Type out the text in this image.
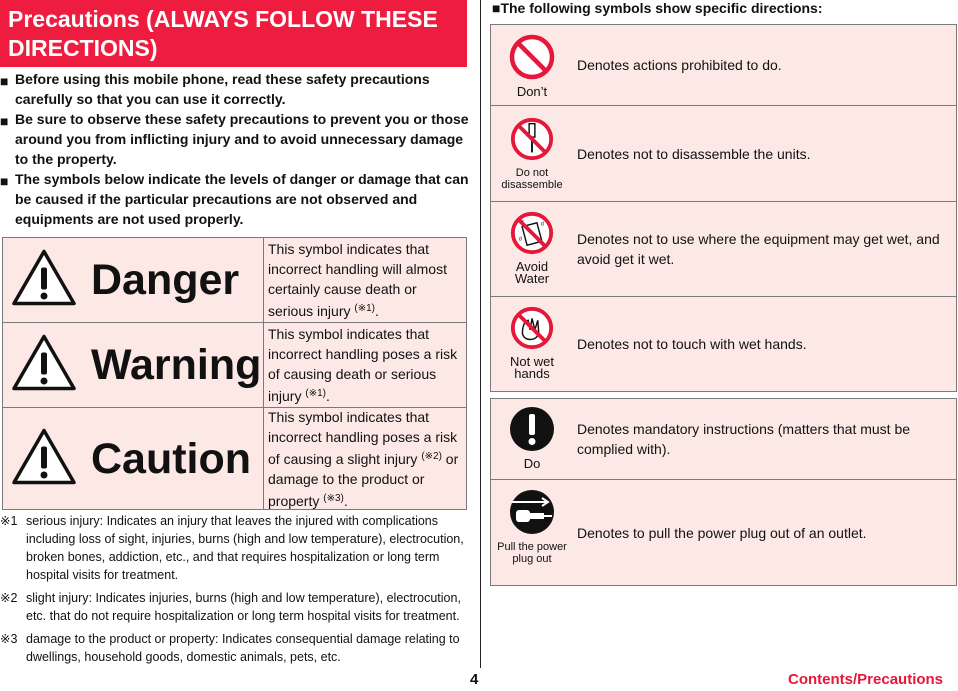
Precautions (ALWAYS FOLLOW THESE DIRECTIONS)
■ Before using this mobile phone, read these safety precautions carefully so that you can use it correctly.
■ Be sure to observe these safety precautions to prevent you or those around you from inflicting injury and to avoid unnecessary damage to the property.
■ The symbols below indicate the levels of danger or damage that can be caused if the particular precautions are not observed and equipments are not used properly.
Danger
This symbol indicates that incorrect handling will almost certainly cause death or serious injury $^{(※1)}$.
Warning
This symbol indicates that incorrect handling poses a risk of causing death or serious injury $^{(※1)}$.
Caution
This symbol indicates that incorrect handling poses a risk of causing a slight injury $^{(※2)}$ or damage to the product or property $^{(※3)}$.
※1 serious injury: Indicates an injury that leaves the injured with complications including loss of sight, injuries, burns (high and low temperature), electrocution, broken bones, addiction, etc., and that requires hospitalization or long term hospital visits for treatment.
※2 slight injury: Indicates injuries, burns (high and low temperature), electrocution, etc. that do not require hospitalization or long term hospital visits for treatment.
※3 damage to the product or property: Indicates consequential damage relating to dwellings, household goods, domestic animals, pets, etc.
4	Contents/Precautions
■The following symbols show specific directions:
Don’t
Denotes actions prohibited to do.
Do not disassemble
Denotes not to disassemble the units.
d
d
Avoid Water
Denotes not to use where the equipment may get wet, and avoid get it wet.
Not wet hands
Denotes not to touch with wet hands.
Do
Denotes mandatory instructions (matters that must be complied with).
Pull the power plug out
Denotes to pull the power plug out of an outlet.
